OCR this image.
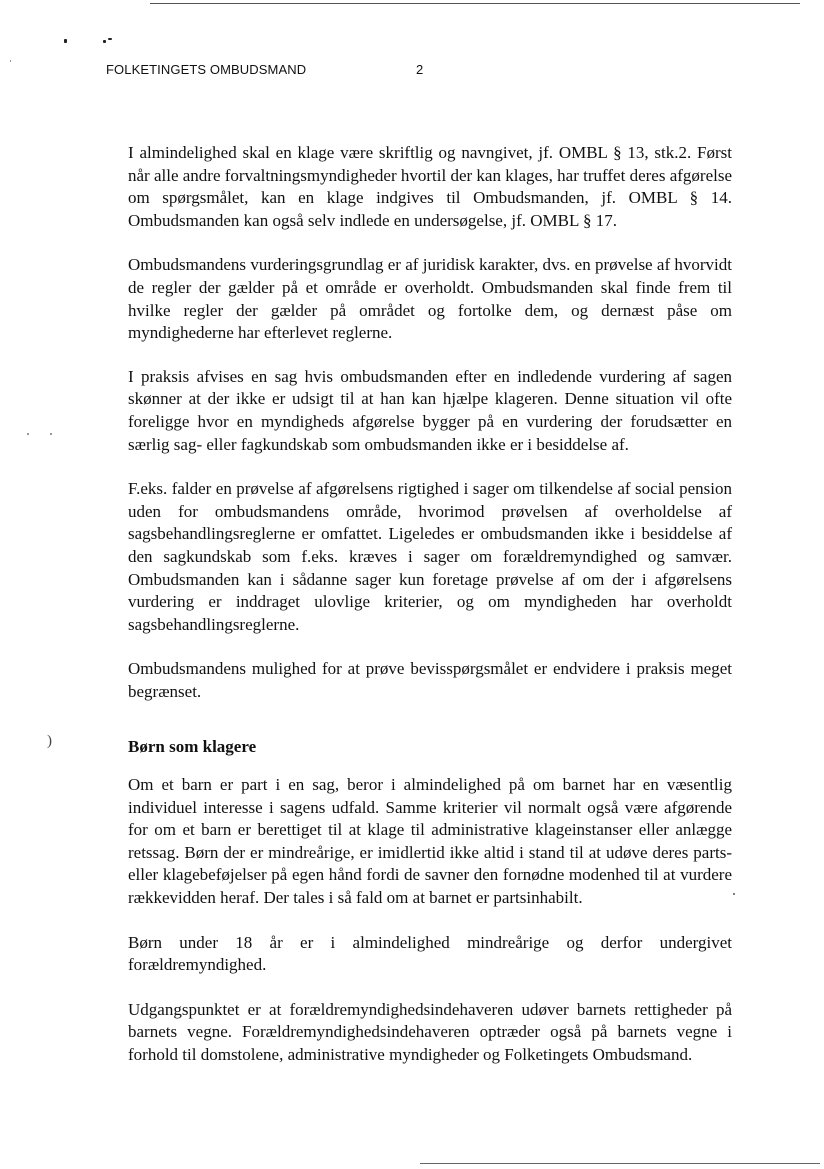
FOLKETINGETS OMBUDSMAND	2
)

I almindelighed skal en klage være skriftlig og navngivet, jf. OMBL § 13, stk.2. Først når alle andre forvaltningsmyndigheder hvortil der kan klages, har truffet deres afgørelse om spørgsmålet, kan en klage indgives til Ombudsmanden, jf. OMBL § 14. Ombudsmanden kan også selv indlede en undersøgelse, jf. OMBL § 17.

Ombudsmandens vurderingsgrundlag er af juridisk karakter, dvs. en prøvelse af hvorvidt de regler der gælder på et område er overholdt. Ombudsmanden skal finde frem til hvilke regler der gælder på området og fortolke dem, og dernæst påse om myndighederne har efterlevet reglerne.

I praksis afvises en sag hvis ombudsmanden efter en indledende vurdering af sagen skønner at der ikke er udsigt til at han kan hjælpe klageren. Denne situation vil ofte foreligge hvor en myndigheds afgørelse bygger på en vurdering der forudsætter en særlig sag- eller fagkundskab som ombudsmanden ikke er i besiddelse af.

F.eks. falder en prøvelse af afgørelsens rigtighed i sager om tilkendelse af social pension uden for ombudsmandens område, hvorimod prøvelsen af overholdelse af sagsbehandlingsreglerne er omfattet. Ligeledes er ombudsmanden ikke i besiddelse af den sagkundskab som f.eks. kræves i sager om forældremyndighed og samvær. Ombudsmanden kan i sådanne sager kun foretage prøvelse af om der i afgørelsens vurdering er inddraget ulovlige kriterier, og om myndigheden har overholdt sagsbehandlingsreglerne.

Ombudsmandens mulighed for at prøve bevisspørgsmålet er endvidere i praksis meget begrænset.

Børn som klagere

Om et barn er part i en sag, beror i almindelighed på om barnet har en væsentlig individuel interesse i sagens udfald. Samme kriterier vil normalt også være afgørende for om et barn er berettiget til at klage til administrative klageinstanser eller anlægge retssag. Børn der er mindreårige, er imidlertid ikke altid i stand til at udøve deres parts- eller klagebeføjelser på egen hånd fordi de savner den fornødne modenhed til at vurdere rækkevidden heraf. Der tales i så fald om at barnet er partsinhabilt.

Børn under 18 år er i almindelighed mindreårige og derfor undergivet forældremyndighed.

Udgangspunktet er at forældremyndighedsindehaveren udøver barnets rettigheder på barnets vegne. Forældremyndighedsindehaveren optræder også på barnets vegne i forhold til domstolene, administrative myndigheder og Folketingets Ombudsmand.
